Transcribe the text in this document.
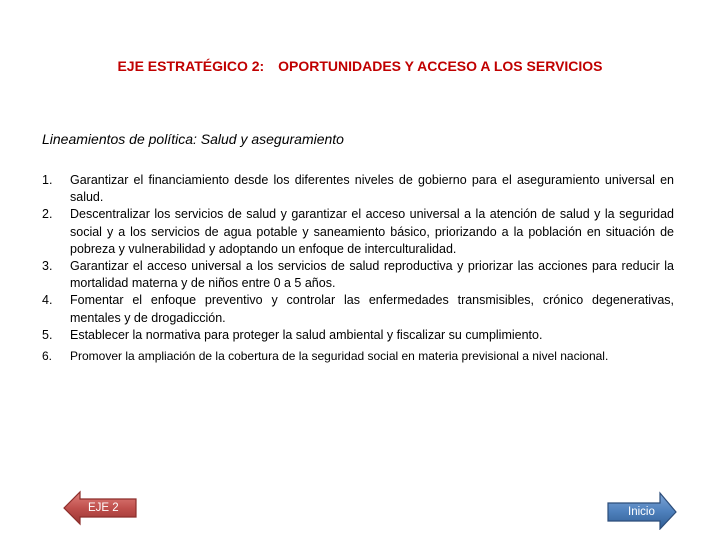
EJE ESTRATÉGICO 2: OPORTUNIDADES Y ACCESO A LOS SERVICIOS
Lineamientos de política: Salud y aseguramiento
1.	Garantizar el financiamiento desde los diferentes niveles de gobierno para el aseguramiento universal en salud.
2.	Descentralizar los servicios de salud y garantizar el acceso universal a la atención de salud y la seguridad social y a los servicios de agua potable y saneamiento básico, priorizando a la población en situación de pobreza y vulnerabilidad y adoptando un enfoque de interculturalidad.
3.	Garantizar el acceso universal a los servicios de salud reproductiva y priorizar las acciones para reducir la mortalidad materna y de niños entre 0 a 5 años.
4.	Fomentar el enfoque preventivo y controlar las enfermedades transmisibles, crónico degenerativas, mentales y de drogadicción.
5.	Establecer la normativa para proteger la salud ambiental y fiscalizar su cumplimiento.
6.	Promover la ampliación de la cobertura de la seguridad social en materia previsional a nivel nacional.
EJE 2	Inicio
